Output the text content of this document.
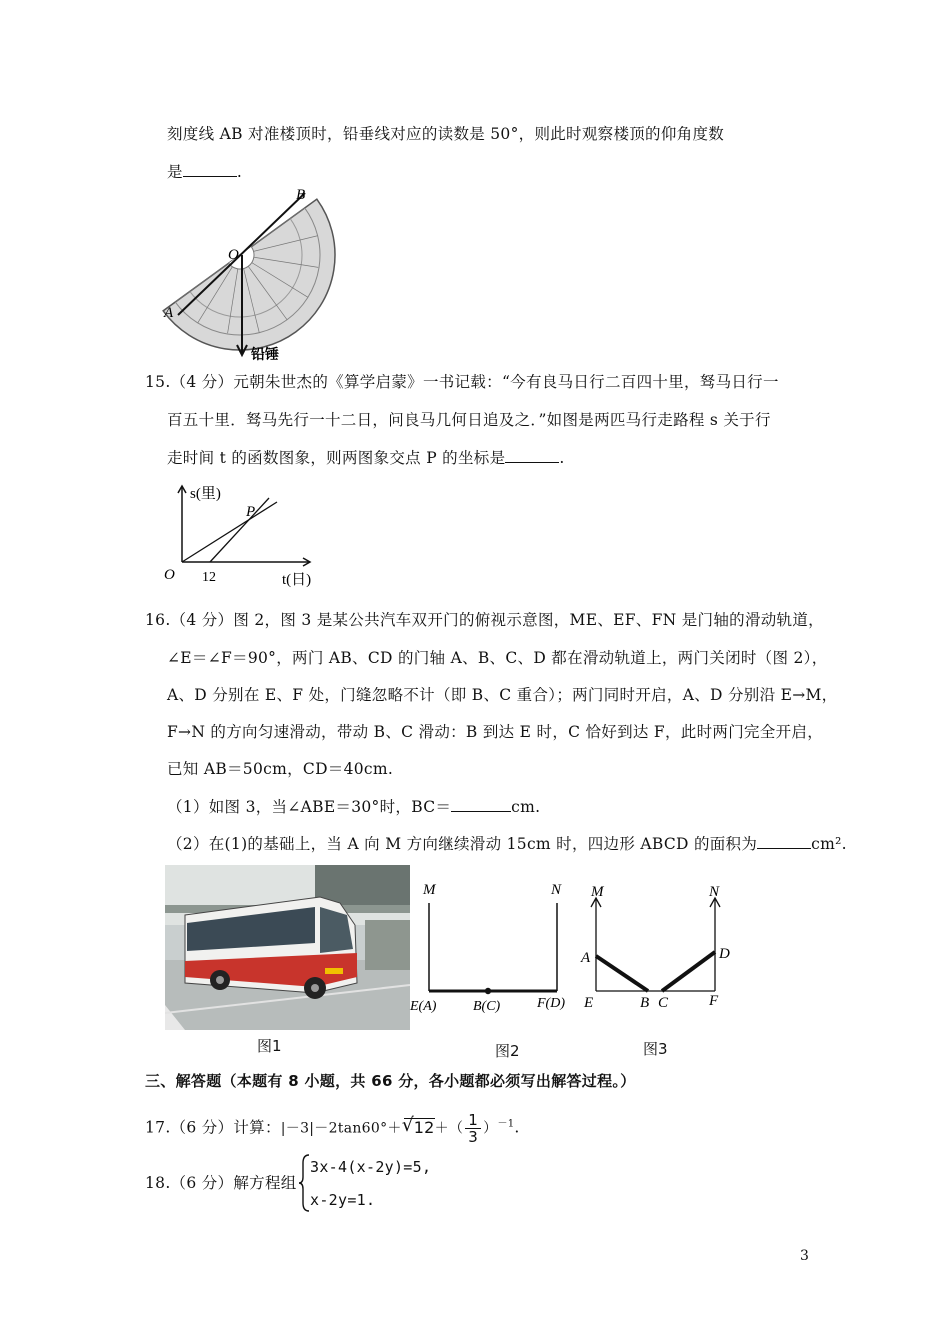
刻度线 AB 对准楼顶时，铅垂线对应的读数是 50°，则此时观察楼顶的仰角度数
是	.
A
B
O
铅锤
15.（4 分）元朝朱世杰的《算学启蒙》一书记载：“今有良马日行二百四十里，驽马日行一
百五十里．驽马先行一十二日，问良马几何日追及之．”如图是两匹马行走路程 s 关于行
走时间 t 的函数图象，则两图象交点 P 的坐标是	.
s(里)
t(日)
O 12
P
16.（4 分）图 2，图 3 是某公共汽车双开门的俯视示意图，ME、EF、FN 是门轴的滑动轨道，
∠E＝∠F＝90°，两门 AB、CD 的门轴 A、B、C、D 都在滑动轨道上，两门关闭时（图 2），
A、D 分别在 E、F 处，门缝忽略不计（即 B、C 重合）；两门同时开启，A、D 分别沿 E→M，
F→N 的方向匀速滑动，带动 B、C 滑动：B 到达 E 时，C 恰好到达 F，此时两门完全开启，
已知 AB＝50cm，CD＝40cm.
（1）如图 3，当∠ABE＝30°时，BC＝	cm.
（2）在(1)的基础上，当 A 向 M 方向继续滑动 15cm 时，四边形 ABCD 的面积为	cm².
M	N
E(A)	B(C)	F(D)
M	N
A	D
E	B C	F
图1	图2	图3
三、解答题（本题有 8 小题，共 66 分，各小题都必须写出解答过程。）
17.（6 分）计算：|－3|－2tan60°＋ √ $12+( \frac{1}{3} )^{-1}$.
18.（6 分）解方程组
3x-4(x-2y)=5,
x-2y=1.
3
